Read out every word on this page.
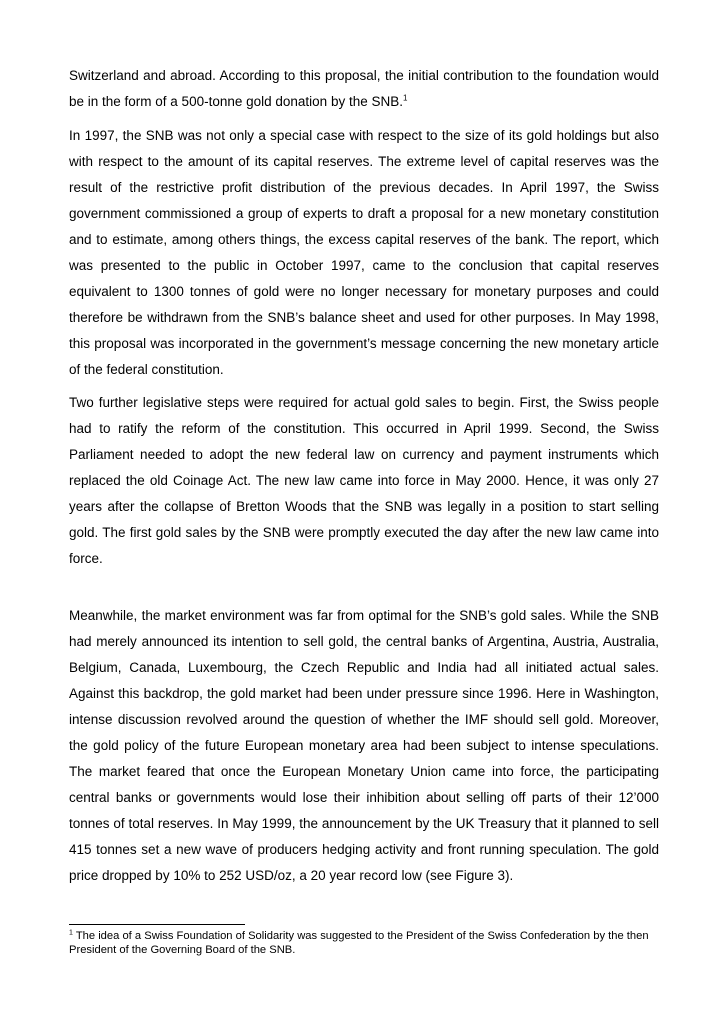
Switzerland and abroad. According to this proposal, the initial contribution to the foundation would be in the form of a 500-tonne gold donation by the SNB.$^1$

In 1997, the SNB was not only a special case with respect to the size of its gold holdings but also with respect to the amount of its capital reserves. The extreme level of capital reserves was the result of the restrictive profit distribution of the previous decades. In April 1997, the Swiss government commissioned a group of experts to draft a proposal for a new monetary constitution and to estimate, among others things, the excess capital reserves of the bank. The report, which was presented to the public in October 1997, came to the conclusion that capital reserves equivalent to 1300 tonnes of gold were no longer necessary for monetary purposes and could therefore be withdrawn from the SNB’s balance sheet and used for other purposes. In May 1998, this proposal was incorporated in the government’s message concerning the new monetary article of the federal constitution.

Two further legislative steps were required for actual gold sales to begin. First, the Swiss people had to ratify the reform of the constitution. This occurred in April 1999. Second, the Swiss Parliament needed to adopt the new federal law on currency and payment instruments which replaced the old Coinage Act. The new law came into force in May 2000. Hence, it was only 27 years after the collapse of Bretton Woods that the SNB was legally in a position to start selling gold. The first gold sales by the SNB were promptly executed the day after the new law came into force.

Meanwhile, the market environment was far from optimal for the SNB’s gold sales. While the SNB had merely announced its intention to sell gold, the central banks of Argentina, Austria, Australia, Belgium, Canada, Luxembourg, the Czech Republic and India had all initiated actual sales. Against this backdrop, the gold market had been under pressure since 1996. Here in Washington, intense discussion revolved around the question of whether the IMF should sell gold. Moreover, the gold policy of the future European monetary area had been subject to intense speculations. The market feared that once the European Monetary Union came into force, the participating central banks or governments would lose their inhibition about selling off parts of their 12’000 tonnes of total reserves. In May 1999, the announcement by the UK Treasury that it planned to sell 415 tonnes set a new wave of producers hedging activity and front running speculation. The gold price dropped by 10% to 252 USD/oz, a 20 year record low (see Figure 3).

$^1$ The idea of a Swiss Foundation of Solidarity was suggested to the President of the Swiss Confederation by the then President of the Governing Board of the SNB.
